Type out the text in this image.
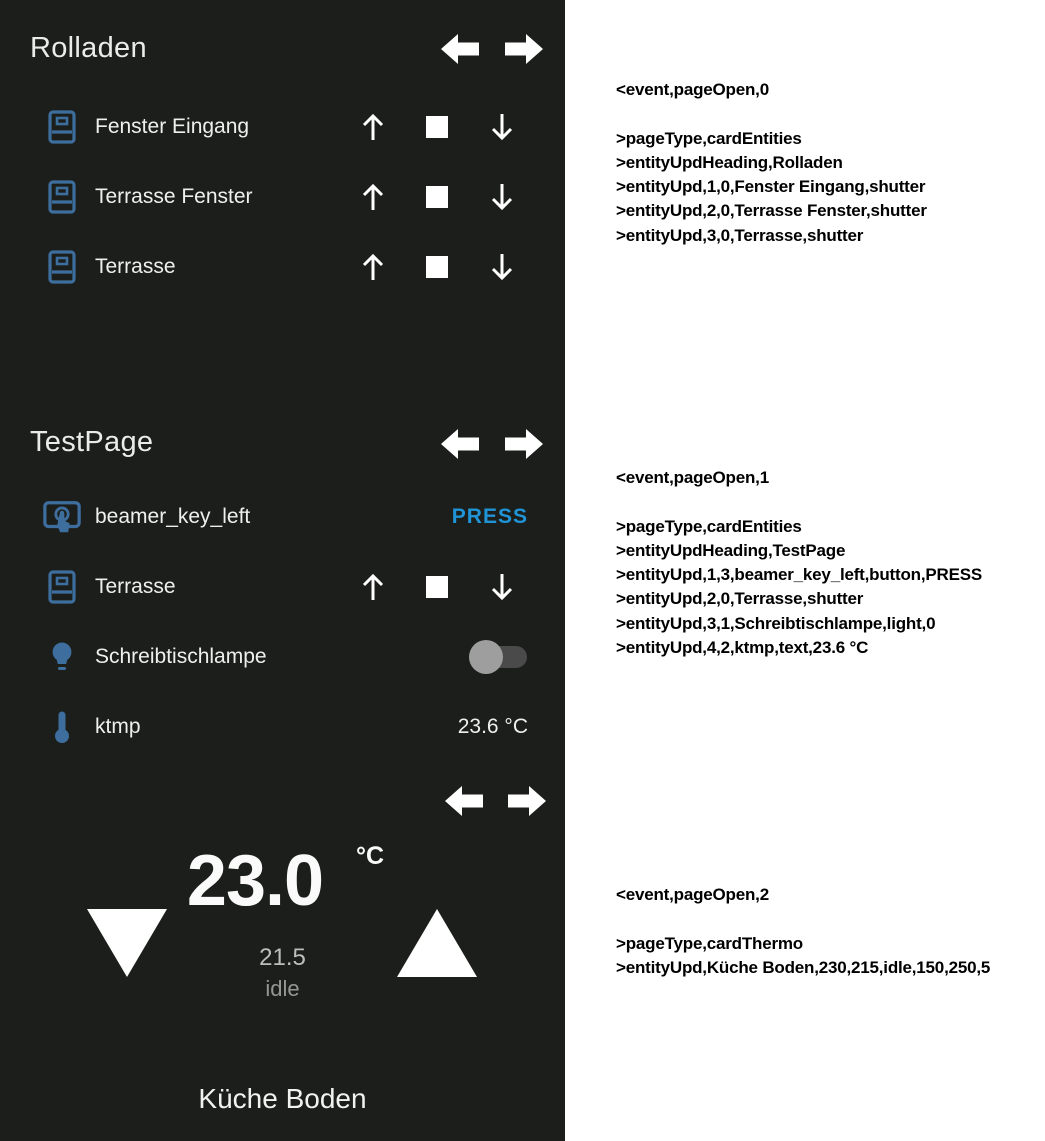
Rolladen
Fenster Eingang
Terrasse Fenster
Terrasse
TestPage
beamer_key_left	PRESS
Terrasse
Schreibtischlampe
ktmp	23.6 °C
23.0	°C
21.5
idle
Küche Boden
<event,pageOpen,0
>pageType,cardEntities
>entityUpdHeading,Rolladen
>entityUpd,1,0,Fenster Eingang,shutter
>entityUpd,2,0,Terrasse Fenster,shutter
>entityUpd,3,0,Terrasse,shutter
<event,pageOpen,1
>pageType,cardEntities
>entityUpdHeading,TestPage
>entityUpd,1,3,beamer_key_left,button,PRESS
>entityUpd,2,0,Terrasse,shutter
>entityUpd,3,1,Schreibtischlampe,light,0
>entityUpd,4,2,ktmp,text,23.6 °C
<event,pageOpen,2
>pageType,cardThermo
>entityUpd,Küche Boden,230,215,idle,150,250,5
